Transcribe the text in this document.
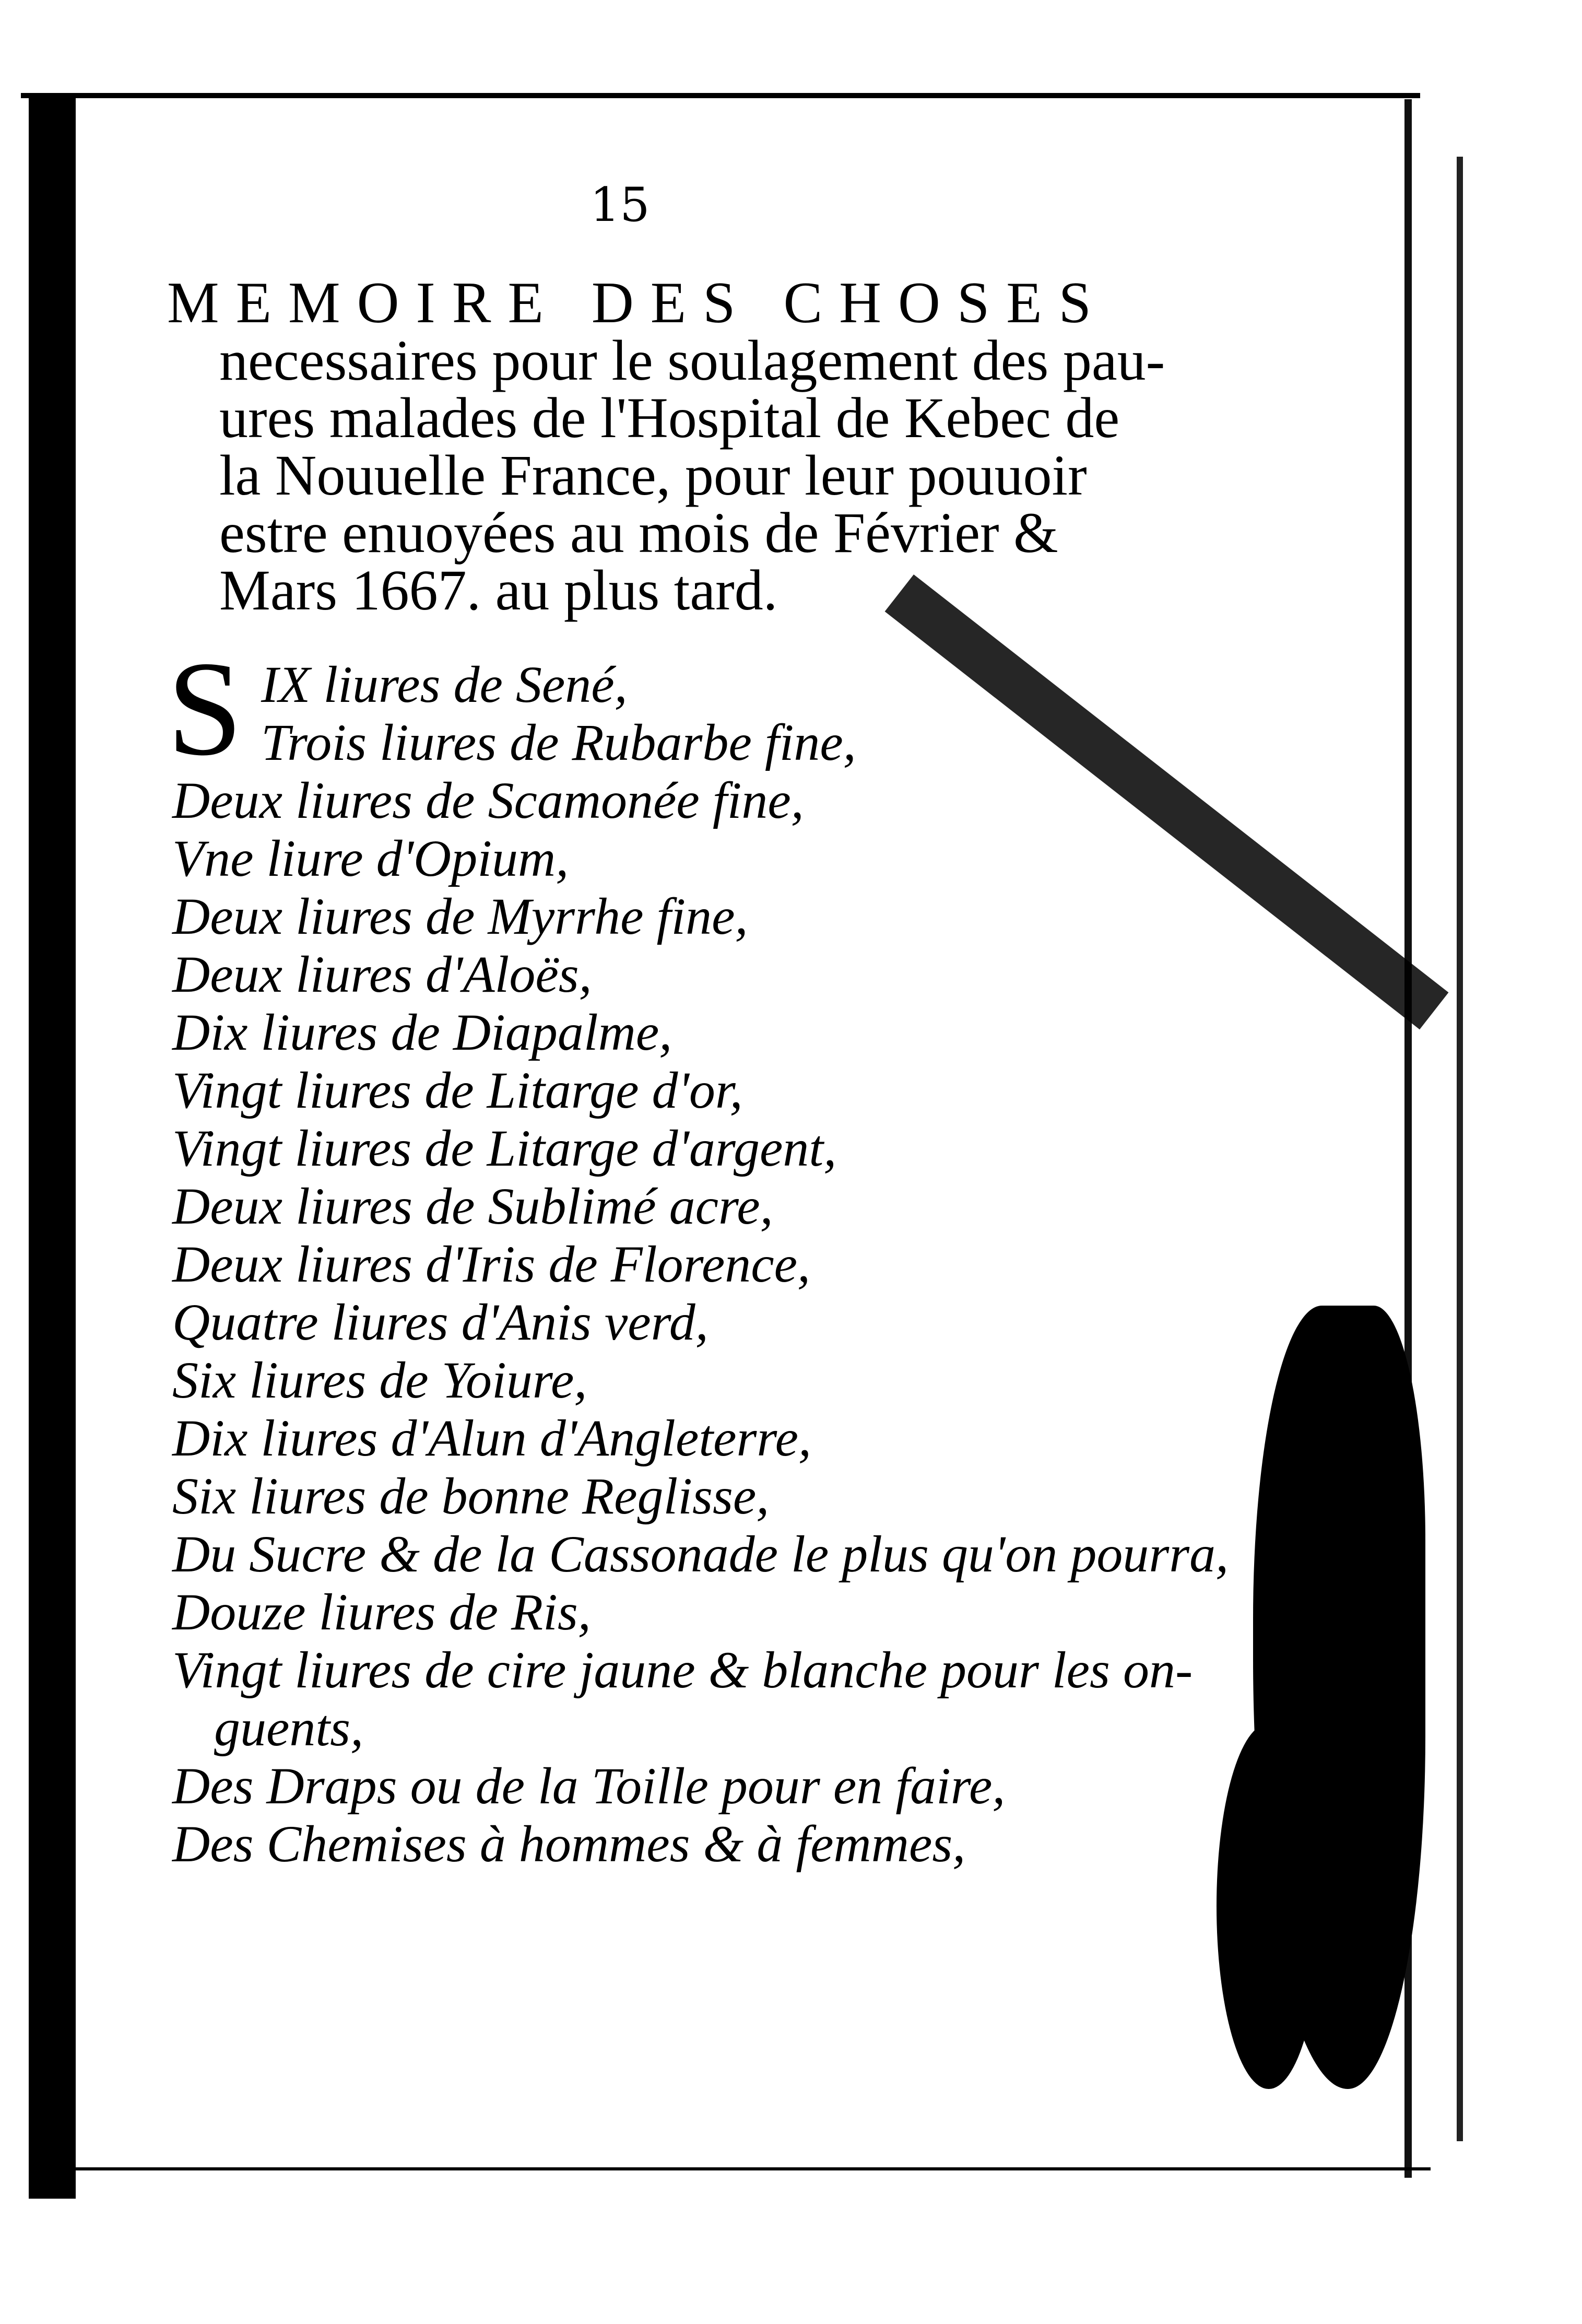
15
MEMOIRE DES CHOSES
necessaires pour le soulagement des pau-
ures malades de l'Hospital de Kebec de
la Nouuelle France, pour leur pouuoir
estre enuoyées au mois de Février &
Mars 1667. au plus tard.
S IX liures de Sené,
Trois liures de Rubarbe fine,
Deux liures de Scamonée fine,
Vne liure d'Opium,
Deux liures de Myrrhe fine,
Deux liures d'Aloës,
Dix liures de Diapalme,
Vingt liures de Litarge d'or,
Vingt liures de Litarge d'argent,
Deux liures de Sublimé acre,
Deux liures d'Iris de Florence,
Quatre liures d'Anis verd,
Six liures de Yoiure,
Dix liures d'Alun d'Angleterre,
Six liures de bonne Reglisse,
Du Sucre & de la Cassonade le plus qu'on pourra,
Douze liures de Ris,
Vingt liures de cire jaune & blanche pour les on-
guents,
Des Draps ou de la Toille pour en faire,
Des Chemises à hommes & à femmes,
